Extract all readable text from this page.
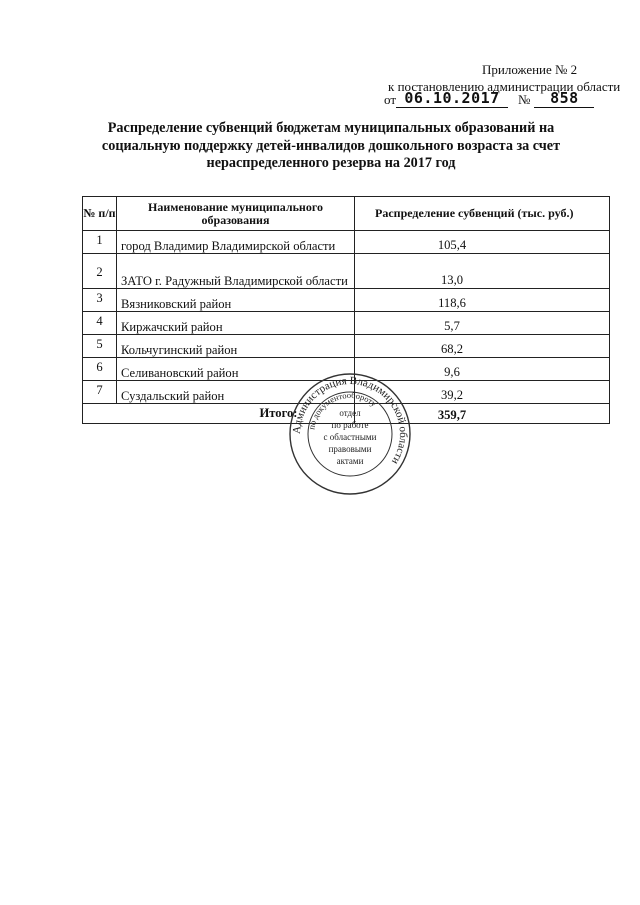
Приложение № 2
к постановлению администрации области
от 06.10.2017	№	858
Распределение субвенций бюджетам муниципальных образований на социальную поддержку детей-инвалидов дошкольного возраста за счет нераспределенного резерва на 2017 год
№ п/п	Наименование муниципального образования	Распределение субвенций (тыс. руб.)
1	город Владимир Владимирской области	105,4
2	ЗАТО г. Радужный Владимирской области	13,0
3	Вязниковский район	118,6
4	Киржачский район	5,7
5	Кольчугинский район	68,2
6	Селивановский район	9,6
7	Суздальский район	39,2
Итого:		359,7
Администрация Владимирской области
по документообороту
отдел
по работе
с областными
правовыми
актами
